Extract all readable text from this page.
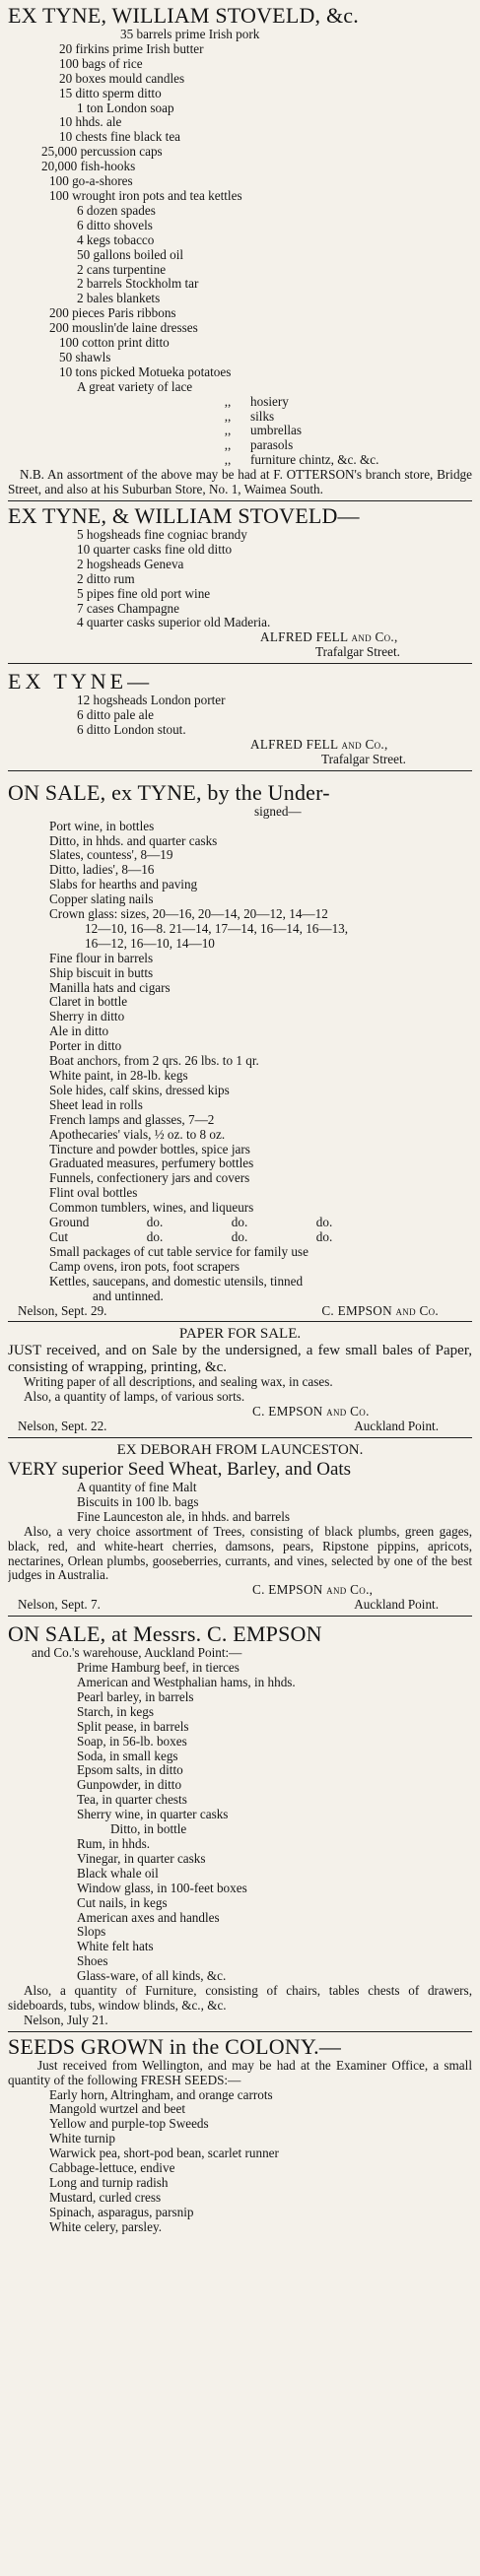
EX TYNE, WILLIAM STOVELD, &c.
35 barrels prime Irish pork
20 firkins prime Irish butter
100 bags of rice
20 boxes mould candles
15 ditto sperm ditto
1 ton London soap
10 hhds. ale
10 chests fine black tea
25,000 percussion caps
20,000 fish-hooks
100 go-a-shores
100 wrought iron pots and tea kettles
6 dozen spades
6 ditto shovels
4 kegs tobacco
50 gallons boiled oil
2 cans turpentine
2 barrels Stockholm tar
2 bales blankets
200 pieces Paris ribbons
200 mouslin'de laine dresses
100 cotton print ditto
50 shawls
10 tons picked Motueka potatoes
A great variety of lace
,, hosiery
,, silks
,, umbrellas
,, parasols
,, furniture chintz, &c. &c.

N.B. An assortment of the above may be had at F. OTTERSON's branch store, Bridge Street, and also at his Suburban Store, No. 1, Waimea South.

EX TYNE, & WILLIAM STOVELD—
5 hogsheads fine cogniac brandy
10 quarter casks fine old ditto
2 hogsheads Geneva
2 ditto rum
5 pipes fine old port wine
7 cases Champagne
4 quarter casks superior old Maderia.
ALFRED FELL and Co.,
Trafalgar Street.
EX TYNE—
12 hogsheads London porter
6 ditto pale ale
6 ditto London stout.
ALFRED FELL and Co.,
Trafalgar Street.
ON SALE, ex TYNE, by the Under-
signed—
Port wine, in bottles
Ditto, in hhds. and quarter casks
Slates, countess', 8—19
Ditto, ladies', 8—16
Slabs for hearths and paving
Copper slating nails
Crown glass: sizes, 20—16, 20—14, 20—12, 14—12
12—10, 16—8. 21—14, 17—14, 16—14, 16—13,
16—12, 16—10, 14—10
Fine flour in barrels
Ship biscuit in butts
Manilla hats and cigars
Claret in bottle
Sherry in ditto
Ale in ditto
Porter in ditto
Boat anchors, from 2 qrs. 26 lbs. to 1 qr.
White paint, in 28-lb. kegs
Sole hides, calf skins, dressed kips
Sheet lead in rolls
French lamps and glasses, 7—2
Apothecaries' vials, ½ oz. to 8 oz.
Tincture and powder bottles, spice jars
Graduated measures, perfumery bottles
Funnels, confectionery jars and covers
Flint oval bottles
Common tumblers, wines, and liqueurs
Ground	do.	do.	do.
Cut	do.	do.	do.
Small packages of cut table service for family use
Camp ovens, iron pots, foot scrapers
Kettles, saucepans, and domestic utensils, tinned
and untinned.
Nelson, Sept. 29.	C. EMPSON and Co.
PAPER FOR SALE.

JUST received, and on Sale by the undersigned, a few small bales of Paper, consisting of wrapping, printing, &c.

Writing paper of all descriptions, and sealing wax, in cases.

Also, a quantity of lamps, of various sorts.

C. EMPSON and Co.
Nelson, Sept. 22.	Auckland Point.
EX DEBORAH FROM LAUNCESTON.

VERY superior Seed Wheat, Barley, and Oats

A quantity of fine Malt
Biscuits in 100 lb. bags
Fine Launceston ale, in hhds. and barrels

Also, a very choice assortment of Trees, consisting of black plumbs, green gages, black, red, and white-heart cherries, damsons, pears, Ripstone pippins, apricots, nectarines, Orlean plumbs, gooseberries, currants, and vines, selected by one of the best judges in Australia.

C. EMPSON and Co.,
Nelson, Sept. 7.	Auckland Point.
ON SALE, at Messrs. C. EMPSON
and Co.'s warehouse, Auckland Point:—
Prime Hamburg beef, in tierces
American and Westphalian hams, in hhds.
Pearl barley, in barrels
Starch, in kegs
Split pease, in barrels
Soap, in 56-lb. boxes
Soda, in small kegs
Epsom salts, in ditto
Gunpowder, in ditto
Tea, in quarter chests
Sherry wine, in quarter casks
Ditto, in bottle
Rum, in hhds.
Vinegar, in quarter casks
Black whale oil
Window glass, in 100-feet boxes
Cut nails, in kegs
American axes and handles
Slops
White felt hats
Shoes
Glass-ware, of all kinds, &c.

Also, a quantity of Furniture, consisting of chairs, tables chests of drawers, sideboards, tubs, window blinds, &c., &c.

Nelson, July 21.
SEEDS GROWN in the COLONY.—

Just received from Wellington, and may be had at the Examiner Office, a small quantity of the following FRESH SEEDS:—

Early horn, Altringham, and orange carrots
Mangold wurtzel and beet
Yellow and purple-top Sweeds
White turnip
Warwick pea, short-pod bean, scarlet runner
Cabbage-lettuce, endive
Long and turnip radish
Mustard, curled cress
Spinach, asparagus, parsnip
White celery, parsley.
